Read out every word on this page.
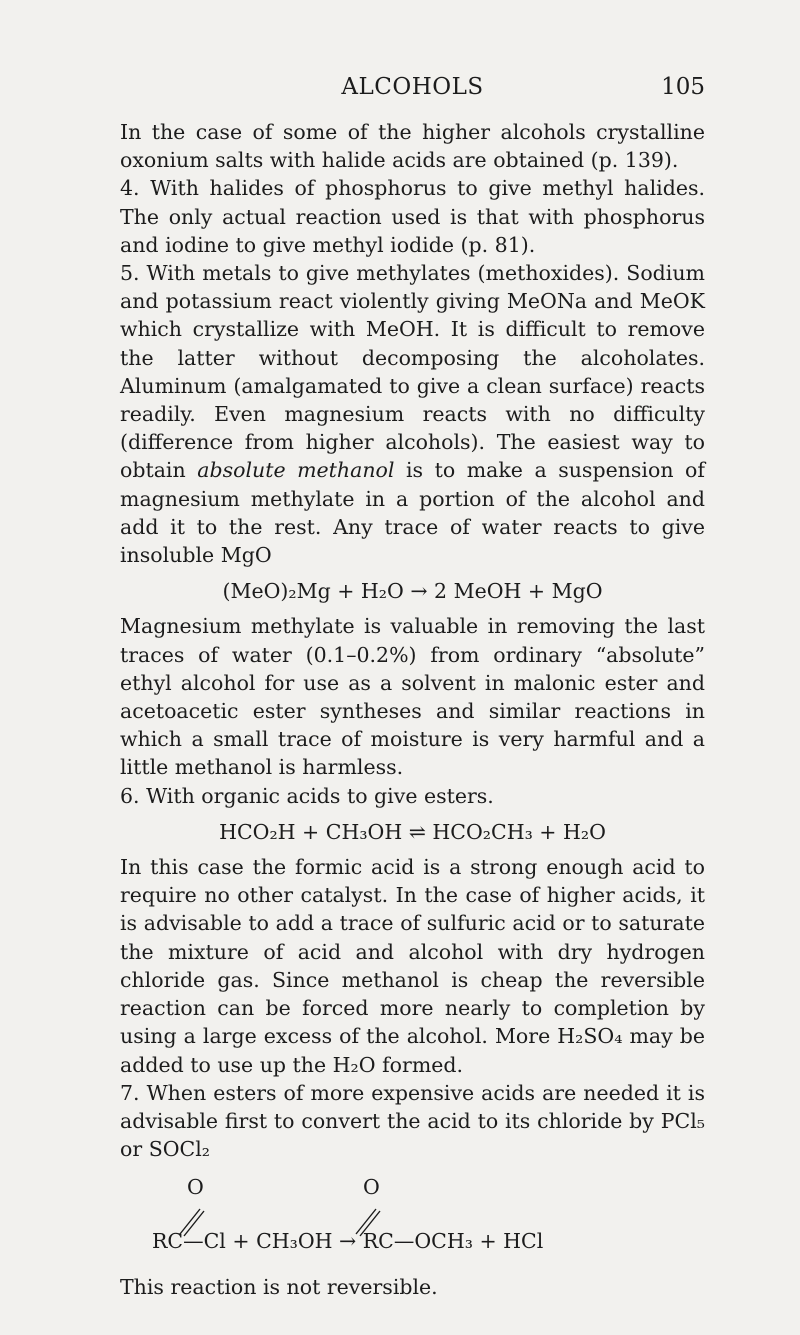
ALCOHOLS	105

In the case of some of the higher alcohols crystalline oxonium salts with halide acids are obtained (p. 139).

4. With halides of phosphorus to give methyl halides. The only actual reaction used is that with phosphorus and iodine to give methyl iodide (p. 81).

5. With metals to give methylates (methoxides). Sodium and potassium react violently giving MeONa and MeOK which crystallize with MeOH. It is difficult to remove the latter without decomposing the alcoholates. Aluminum (amalgamated to give a clean surface) reacts readily. Even magnesium reacts with no difficulty (difference from higher alcohols). The easiest way to obtain absolute methanol is to make a suspension of magnesium methylate in a portion of the alcohol and add it to the rest. Any trace of water reacts to give insoluble MgO

(MeO)₂Mg + H₂O → 2 MeOH + MgO

Magnesium methylate is valuable in removing the last traces of water (0.1–0.2%) from ordinary “absolute” ethyl alcohol for use as a solvent in malonic ester and acetoacetic ester syntheses and similar reactions in which a small trace of moisture is very harmful and a little methanol is harmless.

6. With organic acids to give esters.

HCO₂H + CH₃OH ⇌ HCO₂CH₃ + H₂O

In this case the formic acid is a strong enough acid to require no other catalyst. In the case of higher acids, it is advisable to add a trace of sulfuric acid or to saturate the mixture of acid and alcohol with dry hydrogen chloride gas. Since methanol is cheap the reversible reaction can be forced more nearly to completion by using a large excess of the alcohol. More H₂SO₄ may be added to use up the H₂O formed.

7. When esters of more expensive acids are needed it is advisable first to convert the acid to its chloride by PCl₅ or SOCl₂

O	O
RC—Cl + CH₃OH → RC—OCH₃ + HCl

This reaction is not reversible.
